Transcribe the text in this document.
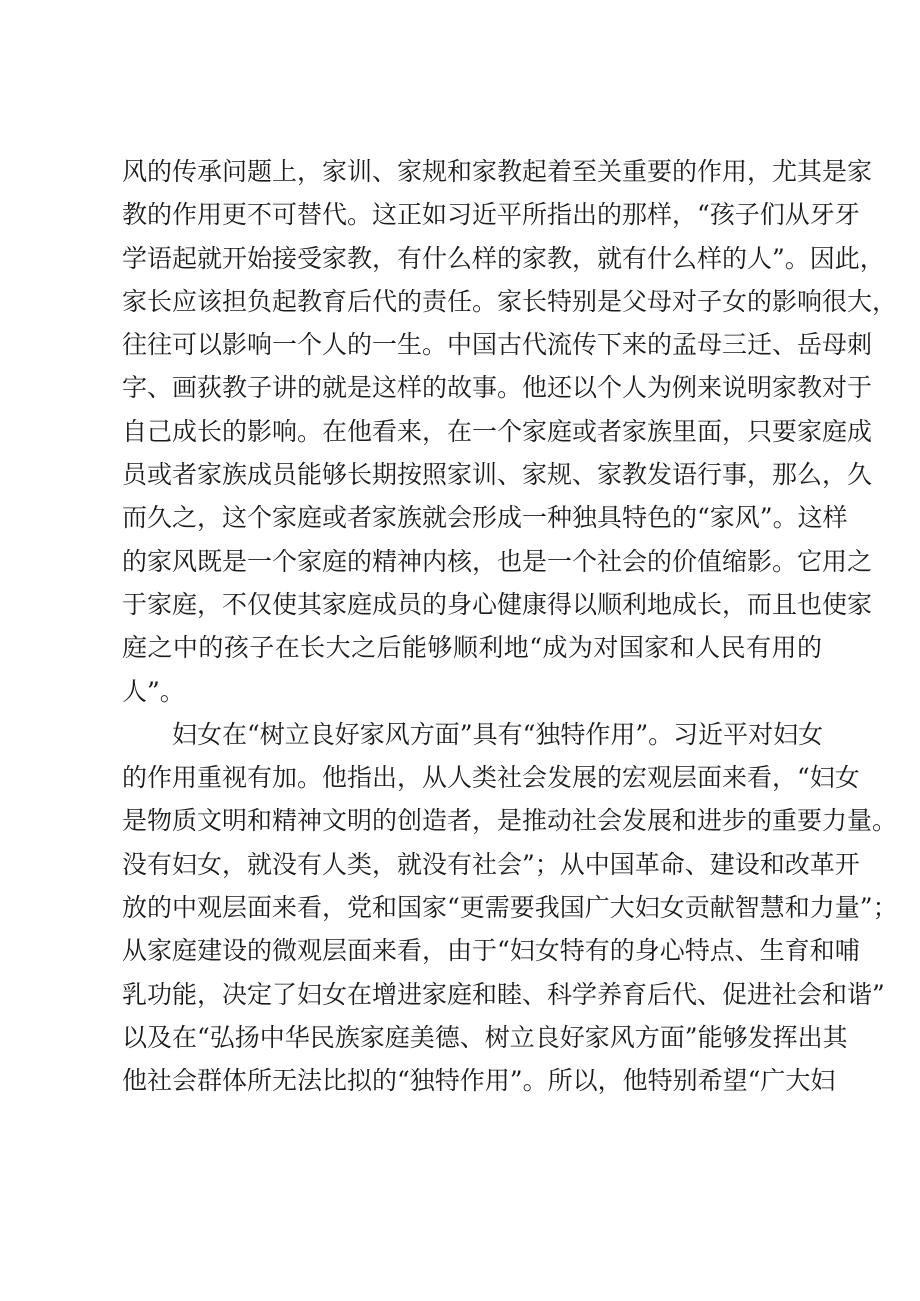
风的传承问题上，家训、家规和家教起着至关重要的作用，尤其是家
教的作用更不可替代。这正如习近平所指出的那样，“孩子们从牙牙
学语起就开始接受家教，有什么样的家教，就有什么样的人”。因此，
家长应该担负起教育后代的责任。家长特别是父母对子女的影响很大，
往往可以影响一个人的一生。中国古代流传下来的孟母三迁、岳母刺
字、画荻教子讲的就是这样的故事。他还以个人为例来说明家教对于
自己成长的影响。在他看来，在一个家庭或者家族里面，只要家庭成
员或者家族成员能够长期按照家训、家规、家教发语行事，那么，久
而久之，这个家庭或者家族就会形成一种独具特色的“家风”。这样
的家风既是一个家庭的精神内核，也是一个社会的价值缩影。它用之
于家庭，不仅使其家庭成员的身心健康得以顺利地成长，而且也使家
庭之中的孩子在长大之后能够顺利地“成为对国家和人民有用的
人”。
妇女在“树立良好家风方面”具有“独特作用”。习近平对妇女
的作用重视有加。他指出，从人类社会发展的宏观层面来看，“妇女
是物质文明和精神文明的创造者，是推动社会发展和进步的重要力量。
没有妇女，就没有人类，就没有社会”；从中国革命、建设和改革开
放的中观层面来看，党和国家“更需要我国广大妇女贡献智慧和力量”；
从家庭建设的微观层面来看，由于“妇女特有的身心特点、生育和哺
乳功能，决定了妇女在增进家庭和睦、科学养育后代、促进社会和谐”
以及在“弘扬中华民族家庭美德、树立良好家风方面”能够发挥出其
他社会群体所无法比拟的“独特作用”。所以，他特别希望“广大妇
